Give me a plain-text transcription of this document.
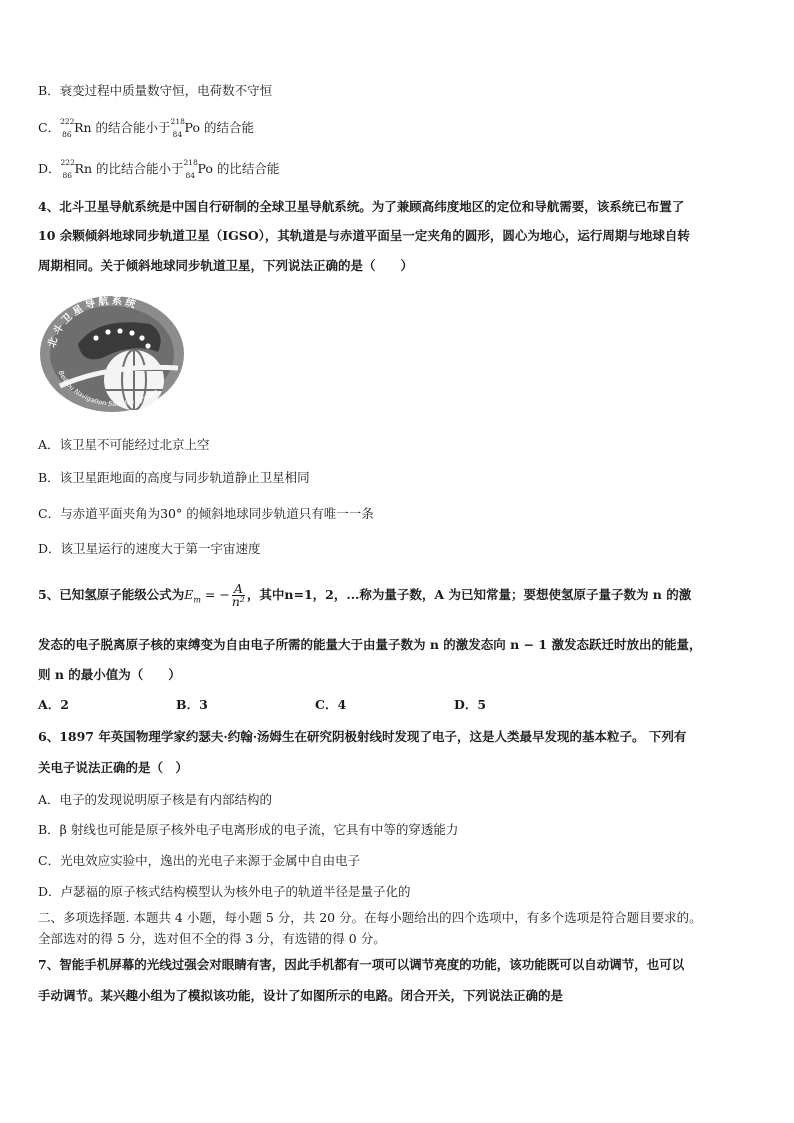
B．衰变过程中质量数守恒，电荷数不守恒
C． 222
86 Rn 的结合能小于 218
84 Po 的结合能
D． 222
86 Rn 的比结合能小于 218
84 Po 的比结合能
4、北斗卫星导航系统是中国自行研制的全球卫星导航系统。为了兼顾高纬度地区的定位和导航需要，该系统已布置了
10 余颗倾斜地球同步轨道卫星（IGSO），其轨道是与赤道平面呈一定夹角的圆形，圆心为地心，运行周期与地球自转
周期相同。关于倾斜地球同步轨道卫星，下列说法正确的是（　　）
北斗卫星导航系统
BeiDou Navigation Satellite System
A．该卫星不可能经过北京上空
B．该卫星距地面的高度与同步轨道静止卫星相同
C．与赤道平面夹角为30° 的倾斜地球同步轨道只有唯一一条
D．该卫星运行的速度大于第一宇宙速度
5、已知氢原子能级公式为$E_m$ = − $\frac{A}{\text{n²}}$ ，其中n=1，2，...称为量子数，A 为已知常量；要想使氢原子量子数为 n 的激
发态的电子脱离原子核的束缚变为自由电子所需的能量大于由量子数为 n 的激发态向 n − 1 激发态跃迁时放出的能量，
则 n 的最小值为（　　）
A．2	B．3	C．4	D．5
6、1897 年英国物理学家约瑟夫·约翰·汤姆生在研究阴极射线时发现了电子，这是人类最早发现的基本粒子。 下列有
关电子说法正确的是（　）
A．电子的发现说明原子核是有内部结构的
B．β 射线也可能是原子核外电子电离形成的电子流，它具有中等的穿透能力
C．光电效应实验中，逸出的光电子来源于金属中自由电子
D．卢瑟福的原子核式结构模型认为核外电子的轨道半径是量子化的
二、多项选择题. 本题共 4 小题，每小题 5 分，共 20 分。在每小题给出的四个选项中，有多个选项是符合题目要求的。
全部选对的得 5 分，选对但不全的得 3 分，有选错的得 0 分。
7、智能手机屏幕的光线过强会对眼睛有害，因此手机都有一项可以调节亮度的功能，该功能既可以自动调节，也可以
手动调节。某兴趣小组为了模拟该功能，设计了如图所示的电路。闭合开关，下列说法正确的是
